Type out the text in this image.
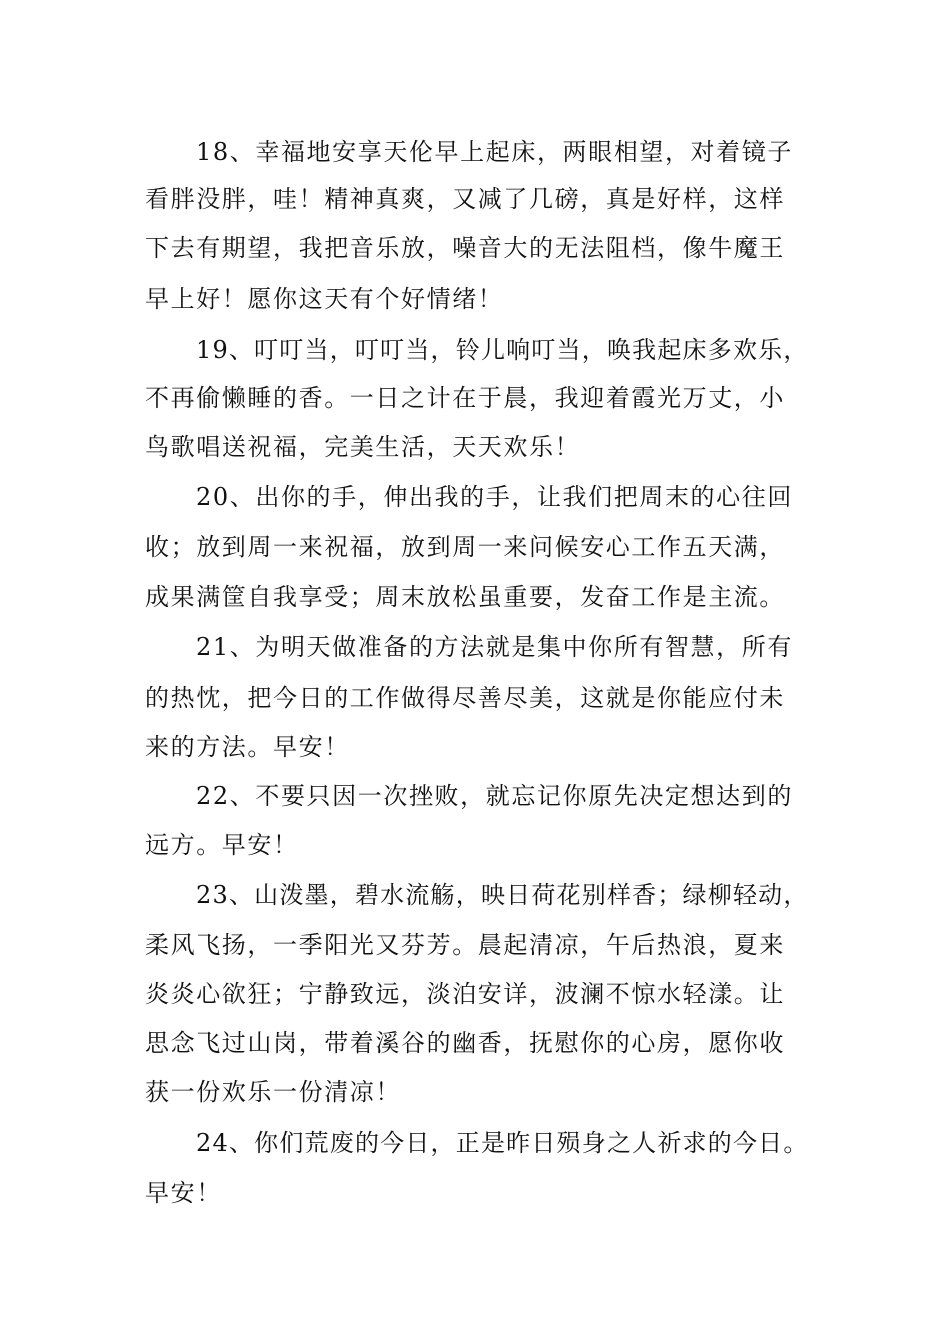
18、幸福地安享天伦早上起床，两眼相望，对着镜子

看胖没胖，哇！精神真爽，又减了几磅，真是好样，这样

下去有期望，我把音乐放，噪音大的无法阻档，像牛魔王

早上好！愿你这天有个好情绪！

19、叮叮当，叮叮当，铃儿响叮当，唤我起床多欢乐，

不再偷懒睡的香。一日之计在于晨，我迎着霞光万丈，小

鸟歌唱送祝福，完美生活，天天欢乐！

20、出你的手，伸出我的手，让我们把周末的心往回

收；放到周一来祝福，放到周一来问候安心工作五天满，

成果满筐自我享受；周末放松虽重要，发奋工作是主流。

21、为明天做准备的方法就是集中你所有智慧，所有

的热忱，把今日的工作做得尽善尽美，这就是你能应付未

来的方法。早安！

22、不要只因一次挫败，就忘记你原先决定想达到的

远方。早安！

23、山泼墨，碧水流觞，映日荷花别样香；绿柳轻动，

柔风飞扬，一季阳光又芬芳。晨起清凉，午后热浪，夏来

炎炎心欲狂；宁静致远，淡泊安详，波澜不惊水轻漾。让

思念飞过山岗，带着溪谷的幽香，抚慰你的心房，愿你收

获一份欢乐一份清凉！

24、你们荒废的今日，正是昨日殒身之人祈求的今日。

早安！
